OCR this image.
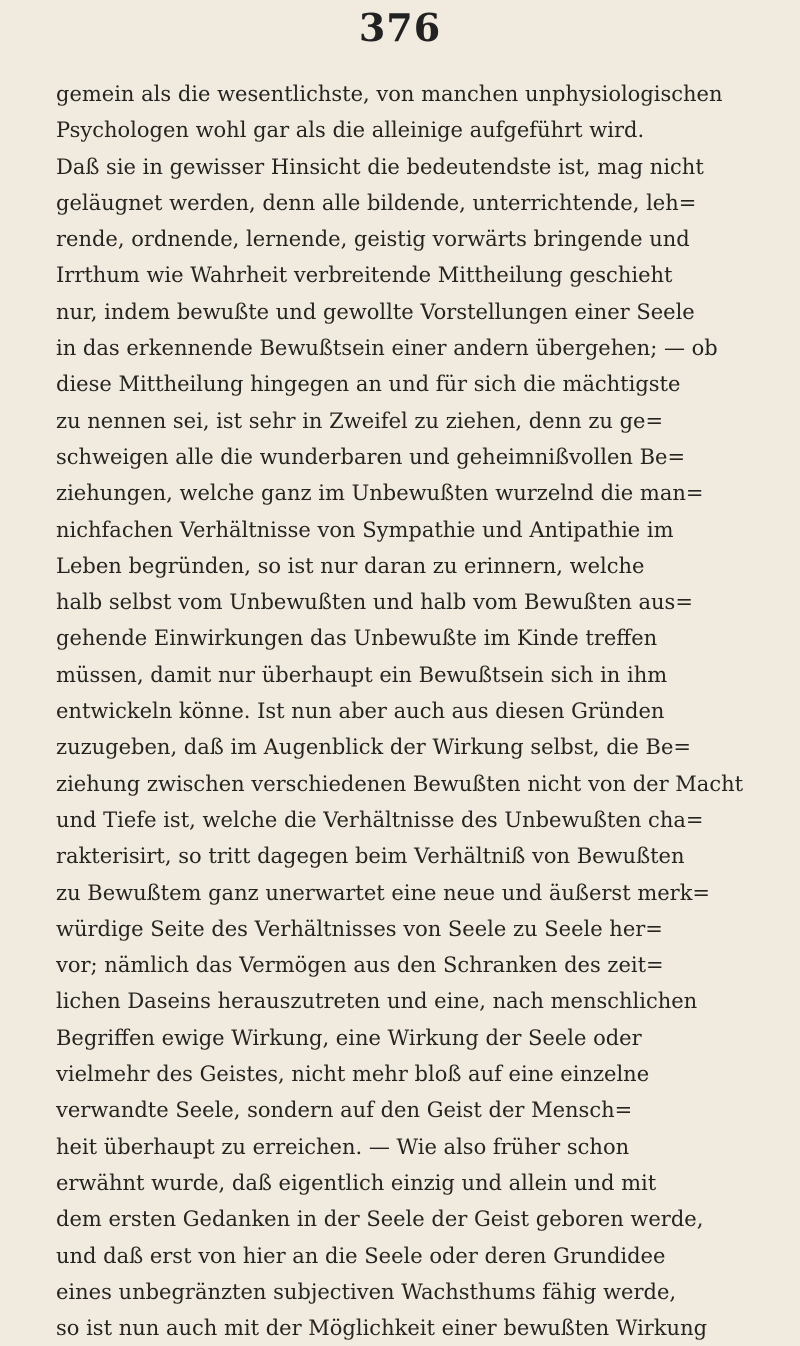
376
gemein als die wesentlichste, von manchen unphysiologischen
Psychologen wohl gar als die alleinige aufgeführt wird.
Daß sie in gewisser Hinsicht die bedeutendste ist, mag nicht
geläugnet werden, denn alle bildende, unterrichtende, leh=
rende, ordnende, lernende, geistig vorwärts bringende und
Irrthum wie Wahrheit verbreitende Mittheilung geschieht
nur, indem bewußte und gewollte Vorstellungen einer Seele
in das erkennende Bewußtsein einer andern übergehen; — ob
diese Mittheilung hingegen an und für sich die mächtigste
zu nennen sei, ist sehr in Zweifel zu ziehen, denn zu ge=
schweigen alle die wunderbaren und geheimnißvollen Be=
ziehungen, welche ganz im Unbewußten wurzelnd die man=
nichfachen Verhältnisse von Sympathie und Antipathie im
Leben begründen, so ist nur daran zu erinnern, welche
halb selbst vom Unbewußten und halb vom Bewußten aus=
gehende Einwirkungen das Unbewußte im Kinde treffen
müssen, damit nur überhaupt ein Bewußtsein sich in ihm
entwickeln könne. Ist nun aber auch aus diesen Gründen
zuzugeben, daß im Augenblick der Wirkung selbst, die Be=
ziehung zwischen verschiedenen Bewußten nicht von der Macht
und Tiefe ist, welche die Verhältnisse des Unbewußten cha=
rakterisirt, so tritt dagegen beim Verhältniß von Bewußten
zu Bewußtem ganz unerwartet eine neue und äußerst merk=
würdige Seite des Verhältnisses von Seele zu Seele her=
vor; nämlich das Vermögen aus den Schranken des zeit=
lichen Daseins herauszutreten und eine, nach menschlichen
Begriffen ewige Wirkung, eine Wirkung der Seele oder
vielmehr des Geistes, nicht mehr bloß auf eine einzelne
verwandte Seele, sondern auf den Geist der Mensch=
heit überhaupt zu erreichen. — Wie also früher schon
erwähnt wurde, daß eigentlich einzig und allein und mit
dem ersten Gedanken in der Seele der Geist geboren werde,
und daß erst von hier an die Seele oder deren Grundidee
eines unbegränzten subjectiven Wachsthums fähig werde,
so ist nun auch mit der Möglichkeit einer bewußten Wirkung
